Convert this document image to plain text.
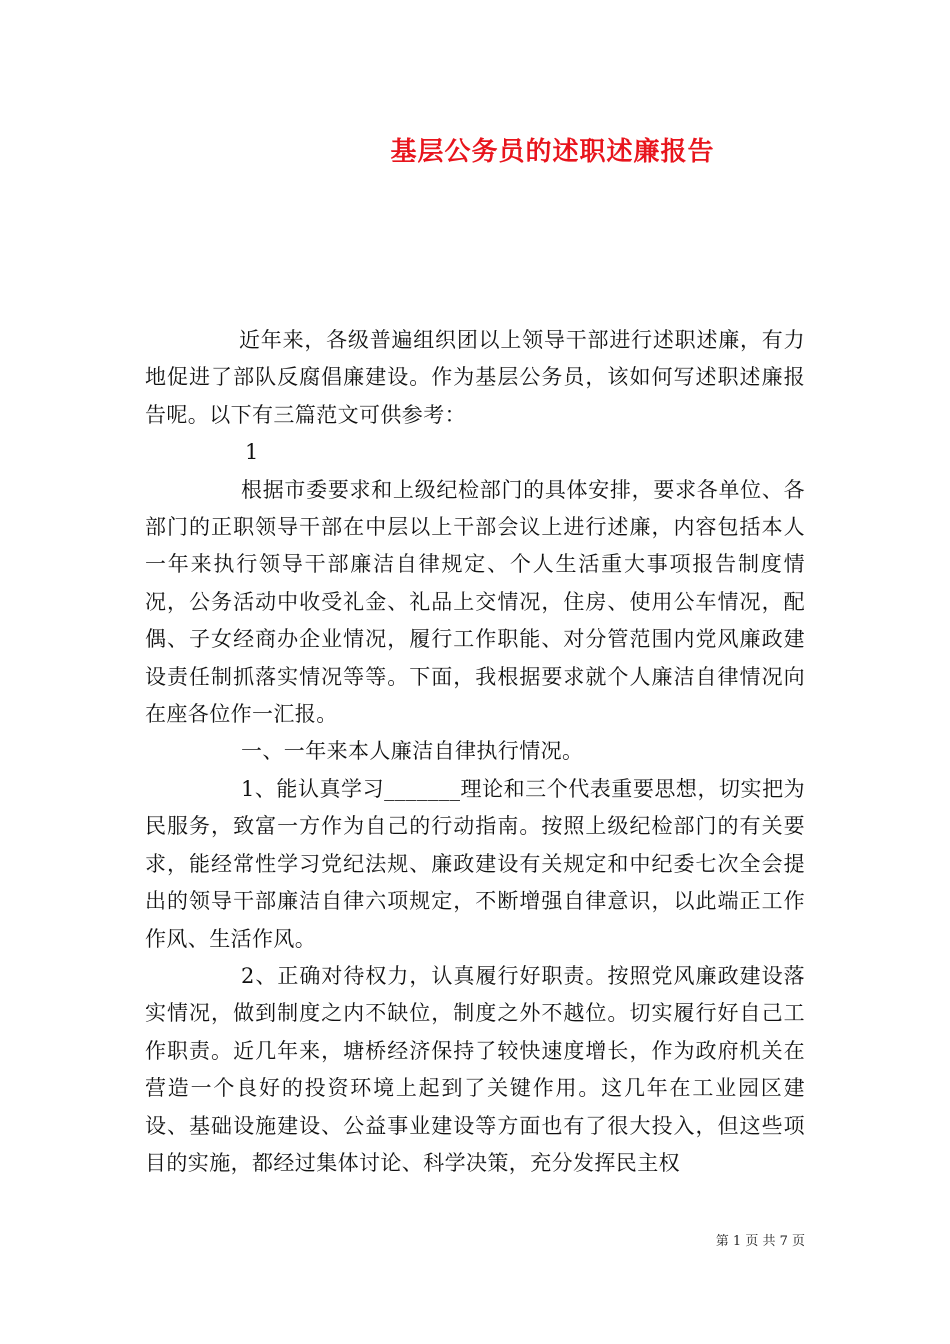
基层公务员的述职述廉报告

近年来，各级普遍组织团以上领导干部进行述职述廉，有力地促进了部队反腐倡廉建设。作为基层公务员，该如何写述职述廉报告呢。以下有三篇范文可供参考：

1

根据市委要求和上级纪检部门的具体安排，要求各单位、各部门的正职领导干部在中层以上干部会议上进行述廉，内容包括本人一年来执行领导干部廉洁自律规定、个人生活重大事项报告制度情况，公务活动中收受礼金、礼品上交情况，住房、使用公车情况，配偶、子女经商办企业情况，履行工作职能、对分管范围内党风廉政建设责任制抓落实情况等等。下面，我根据要求就个人廉洁自律情况向在座各位作一汇报。

一、一年来本人廉洁自律执行情况。

1、能认真学习_______理论和三个代表重要思想，切实把为民服务，致富一方作为自己的行动指南。按照上级纪检部门的有关要求，能经常性学习党纪法规、廉政建设有关规定和中纪委七次全会提出的领导干部廉洁自律六项规定，不断增强自律意识，以此端正工作作风、生活作风。

2、正确对待权力，认真履行好职责。按照党风廉政建设落实情况，做到制度之内不缺位，制度之外不越位。切实履行好自己工作职责。近几年来，塘桥经济保持了较快速度增长，作为政府机关在营造一个良好的投资环境上起到了关键作用。这几年在工业园区建设、基础设施建设、公益事业建设等方面也有了很大投入，但这些项目的实施，都经过集体讨论、科学决策，充分发挥民主权

第 1 页 共 7 页
